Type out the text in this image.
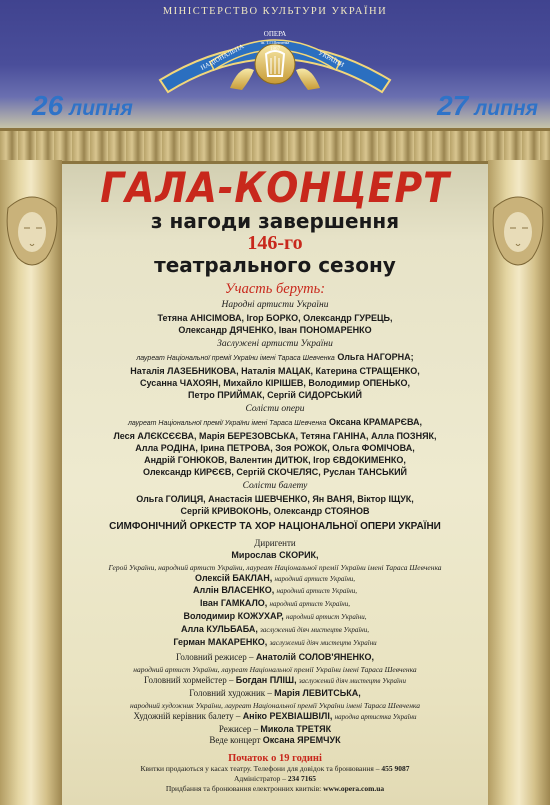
МІНІСТЕРСТВО КУЛЬТУРИ УКРАЇНИ
ОПЕРА
ім. Т.Г.Шевченка
1867
НАЦІОНАЛЬНА	УКРАЇНИ
26 липня	27 липня
ГАЛА-КОНЦЕРТ
з нагоди завершення
146-го
театрального сезону
Участь беруть:
Народні артисти України
Тетяна АНІСІМОВА, Ігор БОРКО, Олександр ГУРЕЦЬ,
Олександр ДЯЧЕНКО, Іван ПОНОМАРЕНКО
Заслужені артисти України
лауреат Національної премії України імені Тараса Шевченка Ольга НАГОРНА;
Наталія ЛАЗЕБНИКОВА, Наталія МАЦАК, Катерина СТРАЩЕНКО,
Сусанна ЧАХОЯН, Михайло КІРІШЕВ, Володимир ОПЕНЬКО,
Петро ПРИЙМАК, Сергій СИДОРСЬКИЙ
Солісти опери
лауреат Національної премії України імені Тараса Шевченка Оксана КРАМАРЄВА,
Леся АЛЄКСЄЄВА, Марія БЕРЕЗОВСЬКА, Тетяна ГАНІНА, Алла ПОЗНЯК,
Алла РОДІНА, Ірина ПЕТРОВА, Зоя РОЖОК, Ольга ФОМІЧОВА,
Андрій ГОНЮКОВ, Валентин ДИТЮК, Ігор ЄВДОКИМЕНКО,
Олександр КИРЄЄВ, Сергій СКОЧЕЛЯС, Руслан ТАНСЬКИЙ
Солісти балету
Ольга ГОЛИЦЯ, Анастасія ШЕВЧЕНКО, Ян ВАНЯ, Віктор ІЩУК,
Сергій КРИВОКОНЬ, Олександр СТОЯНОВ
СИМФОНІЧНИЙ ОРКЕСТР ТА ХОР НАЦІОНАЛЬНОЇ ОПЕРИ УКРАЇНИ
Диригенти
Мирослав СКОРИК,
Герой України, народний артист України, лауреат Національної премії України імені Тараса Шевченка
Олексій БАКЛАН, народний артист України,
Аллін ВЛАСЕНКО, народний артист України,
Іван ГАМКАЛО, народний артист України,
Володимир КОЖУХАР, народний артист України,
Алла КУЛЬБАБА, заслужений діяч мистецтв України,
Герман МАКАРЕНКО, заслужений діяч мистецтв України
Головний режисер – Анатолій СОЛОВ'ЯНЕНКО,
народний артист України, лауреат Національної премії України імені Тараса Шевченка
Головний хормейстер – Богдан ПЛІШ, заслужений діяч мистецтв України
Головний художник – Марія ЛЕВИТСЬКА,
народний художник України, лауреат Національної премії України імені Тараса Шевченка
Художній керівник балету – Аніко РЕХВІАШВІЛІ, народна артистка України
Режисер – Микола ТРЕТЯК
Веде концерт Оксана ЯРЕМЧУК
Початок о 19 годині
Квитки продаються у касах театру. Телефони для довідок та бронювання – 455 9087
Адміністратор – 234 7165
Придбання та бронювання електронних квитків: www.opera.com.ua
